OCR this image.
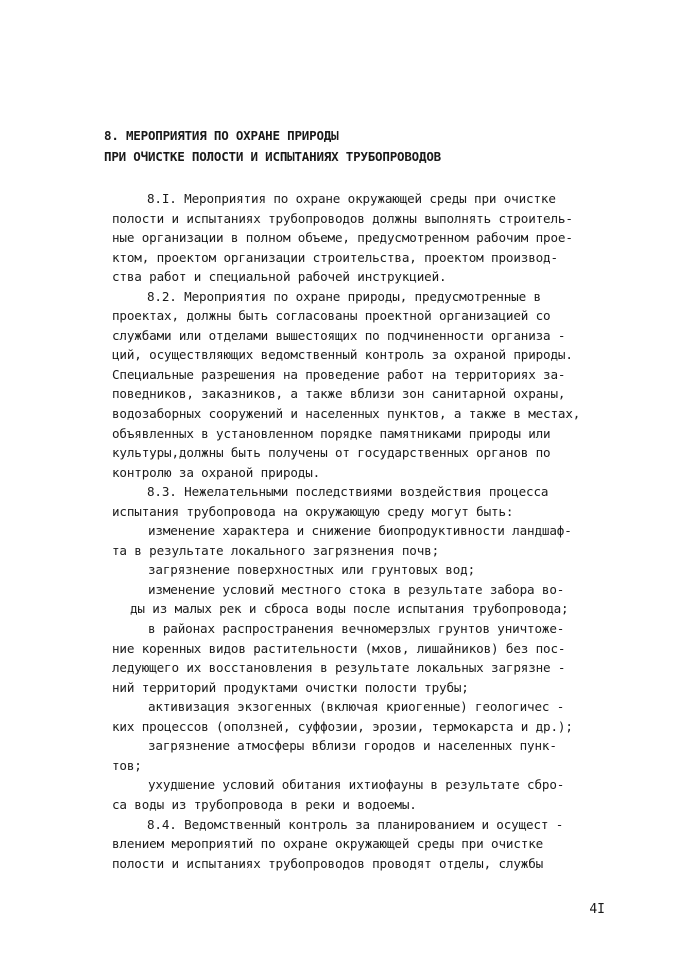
8. МЕРОПРИЯТИЯ ПО ОХРАНЕ ПРИРОДЫ
ПРИ ОЧИСТКЕ ПОЛОСТИ И ИСПЫТАНИЯХ ТРУБОПРОВОДОВ
8.I. Мероприятия по охране окружающей среды при очистке
полости и испытаниях трубопроводов должны выполнять строитель-
ные организации в полном объеме, предусмотренном рабочим прое-
ктом, проектом организации строительства, проектом производ-
ства работ и специальной рабочей инструкцией.
8.2. Мероприятия по охране природы, предусмотренные в
проектах, должны быть согласованы проектной организацией со
службами или отделами вышестоящих по подчиненности организа -
ций, осуществляющих ведомственный контроль за охраной природы.
Специальные разрешения на проведение работ на территориях за-
поведников, заказников, а также вблизи зон санитарной охраны,
водозаборных сооружений и населенных пунктов, а также в местах,
объявленных в установленном порядке памятниками природы или
культуры,должны быть получены от государственных органов по
контролю за охраной природы.
8.3. Нежелательными последствиями воздействия процесса
испытания трубопровода на окружающую среду могут быть:
изменение характера и снижение биопродуктивности ландшаф-
та в результате локального загрязнения почв;
загрязнение поверхностных или грунтовых вод;
изменение условий местного стока в результате забора во-
ды из малых рек и сброса воды после испытания трубопровода;
в районах распространения вечномерзлых грунтов уничтоже-
ние коренных видов растительности (мхов, лишайников) без пос-
ледующего их восстановления в результате локальных загрязне -
ний территорий продуктами очистки полости трубы;
активизация экзогенных (включая криогенные) геологичес -
ких процессов (оползней, суффозии, эрозии, термокарста и др.);
загрязнение атмосферы вблизи городов и населенных пунк-
тов;
ухудшение условий обитания ихтиофауны в результате сбро-
са воды из трубопровода в реки и водоемы.
8.4. Ведомственный контроль за планированием и осущест -
влением мероприятий по охране окружающей среды при очистке
полости и испытаниях трубопроводов проводят отделы, службы
4I
